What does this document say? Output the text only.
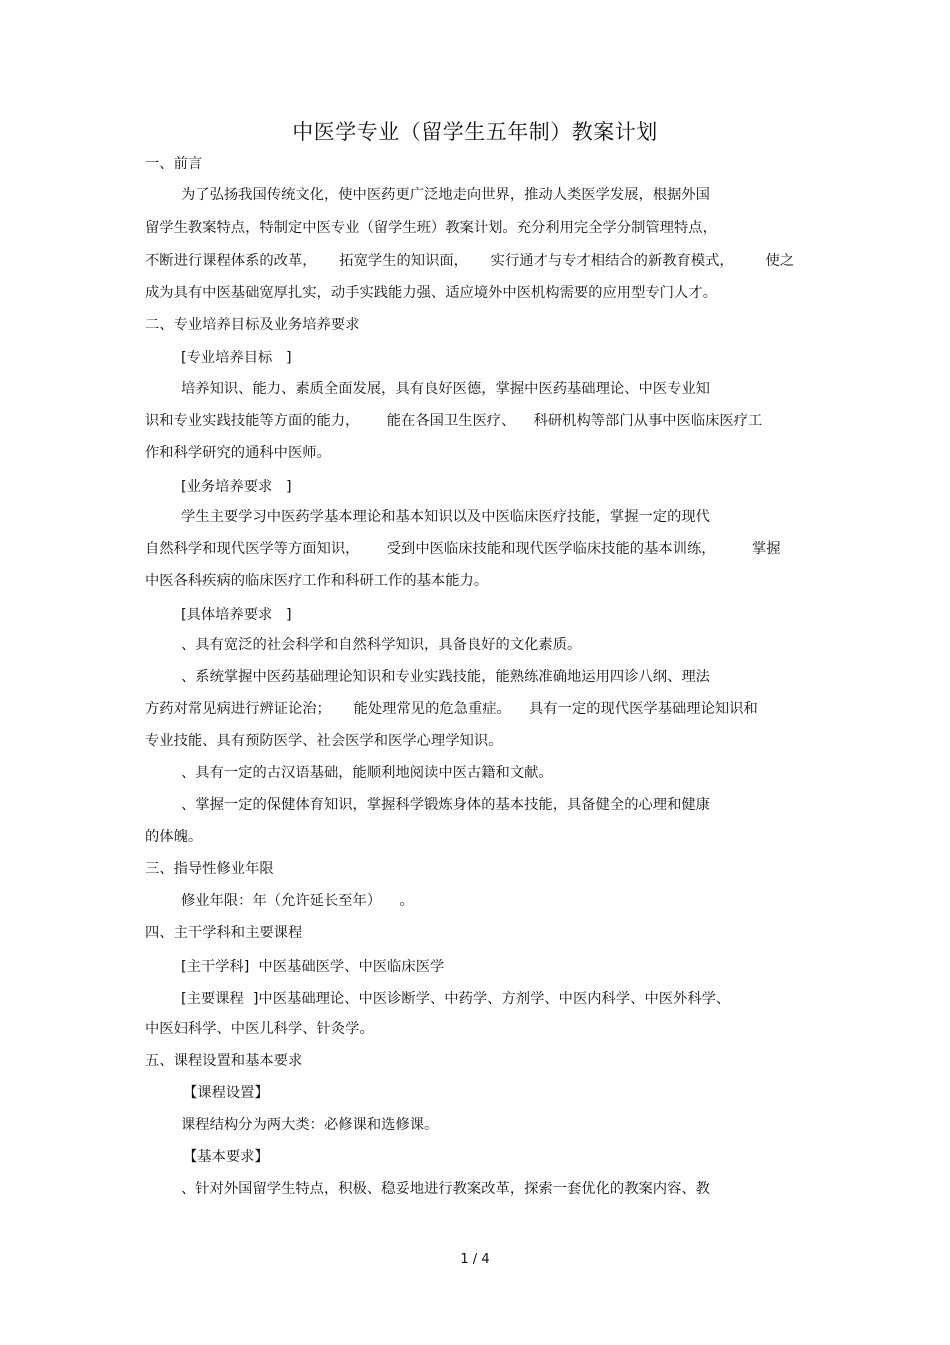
中医学专业（留学生五年制）教案计划
一、前言
为了弘扬我国传统文化，使中医药更广泛地走向世界，推动人类医学发展，根据外国
留学生教案特点，特制定中医专业（留学生班）教案计划。充分利用完全学分制管理特点，
不断进行课程体系的改革，     拓宽学生的知识面，     实行通才与专才相结合的新教育模式，       使之
成为具有中医基础宽厚扎实，动手实践能力强、适应境外中医机构需要的应用型专门人才。
二、专业培养目标及业务培养要求
[专业培养目标   ]
培养知识、能力、素质全面发展，具有良好医德，掌握中医药基础理论、中医专业知
识和专业实践技能等方面的能力，      能在各国卫生医疗、    科研机构等部门从事中医临床医疗工
作和科学研究的通科中医师。
[业务培养要求   ]
学生主要学习中医药学基本理论和基本知识以及中医临床医疗技能，掌握一定的现代
自然科学和现代医学等方面知识，      受到中医临床技能和现代医学临床技能的基本训练，        掌握
中医各科疾病的临床医疗工作和科研工作的基本能力。
[具体培养要求   ]
、具有宽泛的社会科学和自然科学知识，具备良好的文化素质。
、系统掌握中医药基础理论知识和专业实践技能，能熟练准确地运用四诊八纲、理法
方药对常见病进行辨证论治；     能处理常见的危急重症。    具有一定的现代医学基础理论知识和
专业技能、具有预防医学、社会医学和医学心理学知识。
、具有一定的古汉语基础，能顺利地阅读中医古籍和文献。
、掌握一定的保健体育知识，掌握科学锻炼身体的基本技能，具备健全的心理和健康
的体魄。
三、指导性修业年限
修业年限：年（允许延长至年）    。
四、主干学科和主要课程
[主干学科]  中医基础医学、中医临床医学
[主要课程  ]中医基础理论、中医诊断学、中药学、方剂学、中医内科学、中医外科学、
中医妇科学、中医儿科学、针灸学。
五、课程设置和基本要求
【课程设置】
课程结构分为两大类：必修课和选修课。
【基本要求】
、针对外国留学生特点，积极、稳妥地进行教案改革，探索一套优化的教案内容、教
1 / 4
